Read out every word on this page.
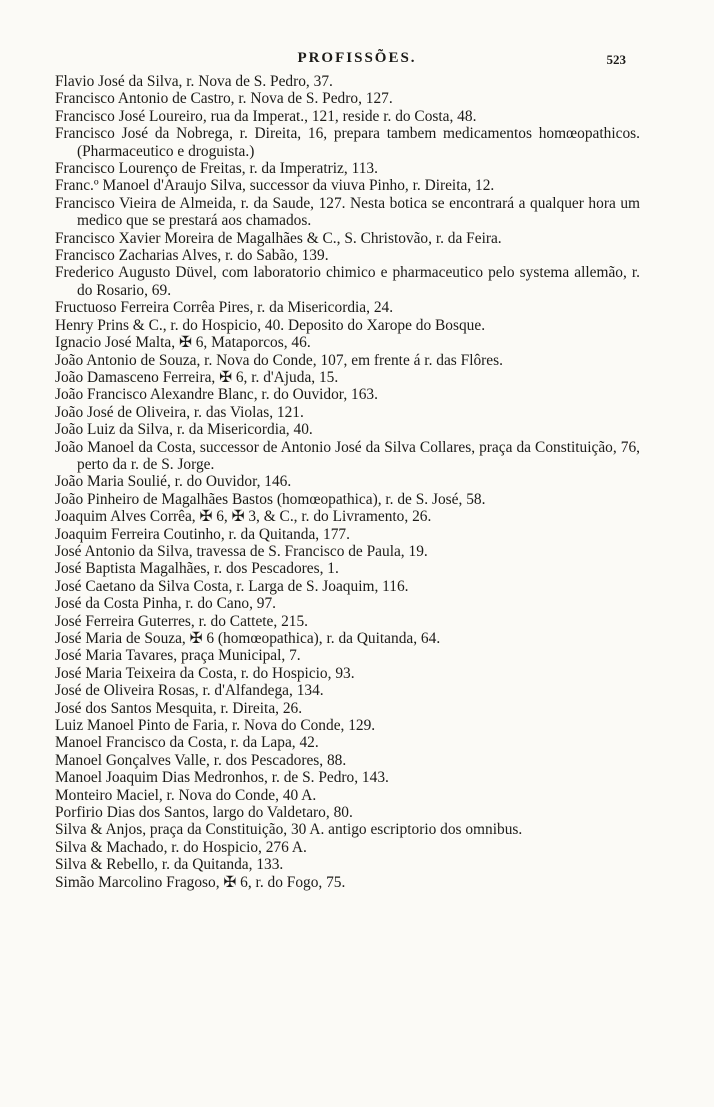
PROFISSÕES.	523
Flavio José da Silva, r. Nova de S. Pedro, 37.
Francisco Antonio de Castro, r. Nova de S. Pedro, 127.
Francisco José Loureiro, rua da Imperat., 121, reside r. do Costa, 48.
Francisco José da Nobrega, r. Direita, 16, prepara tambem medicamentos homœopathicos. (Pharmaceutico e droguista.)
Francisco Lourenço de Freitas, r. da Imperatriz, 113.
Franc.º Manoel d'Araujo Silva, successor da viuva Pinho, r. Direita, 12.
Francisco Vieira de Almeida, r. da Saude, 127. Nesta botica se encontrará a qualquer hora um medico que se prestará aos chamados.
Francisco Xavier Moreira de Magalhães & C., S. Christovão, r. da Feira.
Francisco Zacharias Alves, r. do Sabão, 139.
Frederico Augusto Düvel, com laboratorio chimico e pharmaceutico pelo systema allemão, r. do Rosario, 69.
Fructuoso Ferreira Corrêa Pires, r. da Misericordia, 24.
Henry Prins & C., r. do Hospicio, 40. Deposito do Xarope do Bosque.
Ignacio José Malta, ✠ 6, Mataporcos, 46.
João Antonio de Souza, r. Nova do Conde, 107, em frente á r. das Flôres.
João Damasceno Ferreira, ✠ 6, r. d'Ajuda, 15.
João Francisco Alexandre Blanc, r. do Ouvidor, 163.
João José de Oliveira, r. das Violas, 121.
João Luiz da Silva, r. da Misericordia, 40.
João Manoel da Costa, successor de Antonio José da Silva Collares, praça da Constituição, 76, perto da r. de S. Jorge.
João Maria Soulié, r. do Ouvidor, 146.
João Pinheiro de Magalhães Bastos (homœopathica), r. de S. José, 58.
Joaquim Alves Corrêa, ✠ 6, ✠ 3, & C., r. do Livramento, 26.
Joaquim Ferreira Coutinho, r. da Quitanda, 177.
José Antonio da Silva, travessa de S. Francisco de Paula, 19.
José Baptista Magalhães, r. dos Pescadores, 1.
José Caetano da Silva Costa, r. Larga de S. Joaquim, 116.
José da Costa Pinha, r. do Cano, 97.
José Ferreira Guterres, r. do Cattete, 215.
José Maria de Souza, ✠ 6 (homœopathica), r. da Quitanda, 64.
José Maria Tavares, praça Municipal, 7.
José Maria Teixeira da Costa, r. do Hospicio, 93.
José de Oliveira Rosas, r. d'Alfandega, 134.
José dos Santos Mesquita, r. Direita, 26.
Luiz Manoel Pinto de Faria, r. Nova do Conde, 129.
Manoel Francisco da Costa, r. da Lapa, 42.
Manoel Gonçalves Valle, r. dos Pescadores, 88.
Manoel Joaquim Dias Medronhos, r. de S. Pedro, 143.
Monteiro Maciel, r. Nova do Conde, 40 A.
Porfirio Dias dos Santos, largo do Valdetaro, 80.
Silva & Anjos, praça da Constituição, 30 A. antigo escriptorio dos omnibus.
Silva & Machado, r. do Hospicio, 276 A.
Silva & Rebello, r. da Quitanda, 133.
Simão Marcolino Fragoso, ✠ 6, r. do Fogo, 75.
